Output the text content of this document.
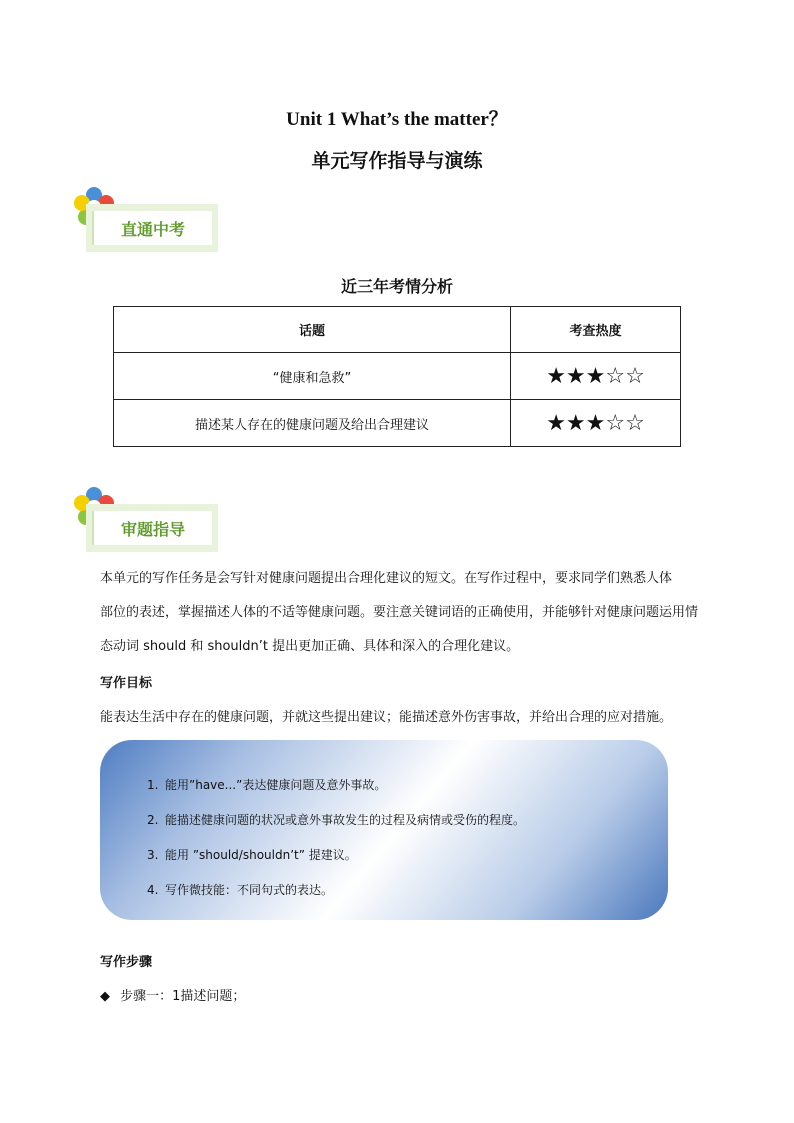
Unit 1 What’s the matter？
单元写作指导与演练
直通中考
近三年考情分析
话题	考查热度
“健康和急救”	★★★☆☆
描述某人存在的健康问题及给出合理建议	★★★☆☆
审题指导

本单元的写作任务是会写针对健康问题提出合理化建议的短文。在写作过程中，要求同学们熟悉人体

部位的表述，掌握描述人体的不适等健康问题。要注意关键词语的正确使用，并能够针对健康问题运用情

态动词 should 和 shouldn’t 提出更加正确、具体和深入的合理化建议。

写作目标
能表达生活中存在的健康问题，并就这些提出建议；能描述意外伤害事故，并给出合理的应对措施。
1. 能用”have...”表达健康问题及意外事故。
2. 能描述健康问题的状况或意外事故发生的过程及病情或受伤的程度。
3. 能用 ”should/shouldn’t” 提建议。
4. 写作微技能：不同句式的表达。
写作步骤
◆ 步骤一：1描述问题；
